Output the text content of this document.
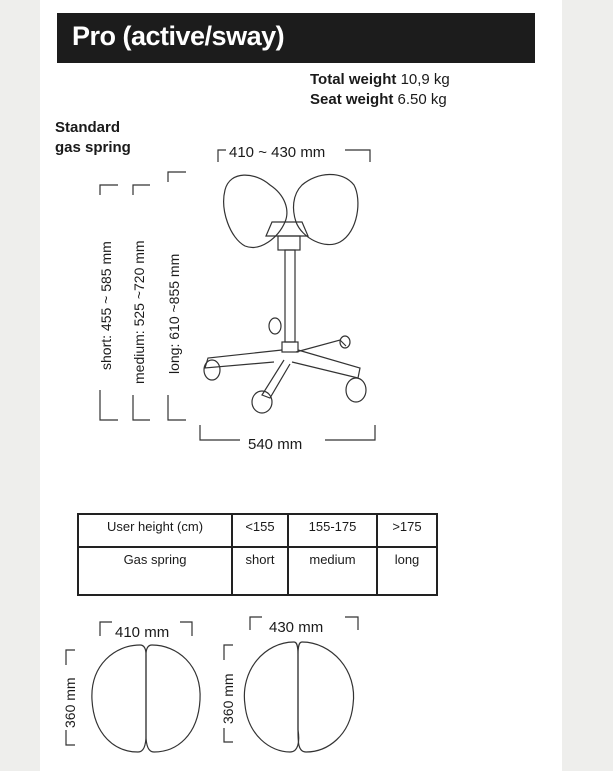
Pro (active/sway)
Total weight 10,9 kg
Seat weight 6.50 kg
Standard
gas spring
short: 455 ~ 585 mm medium: 525 ~720 mm long: 610 ~855 mm
410 ~ 430 mm
540 mm
User height (cm)	<155	155-175	>175
Gas spring	short	medium	long
410 mm
360 mm
430 mm
360 mm
